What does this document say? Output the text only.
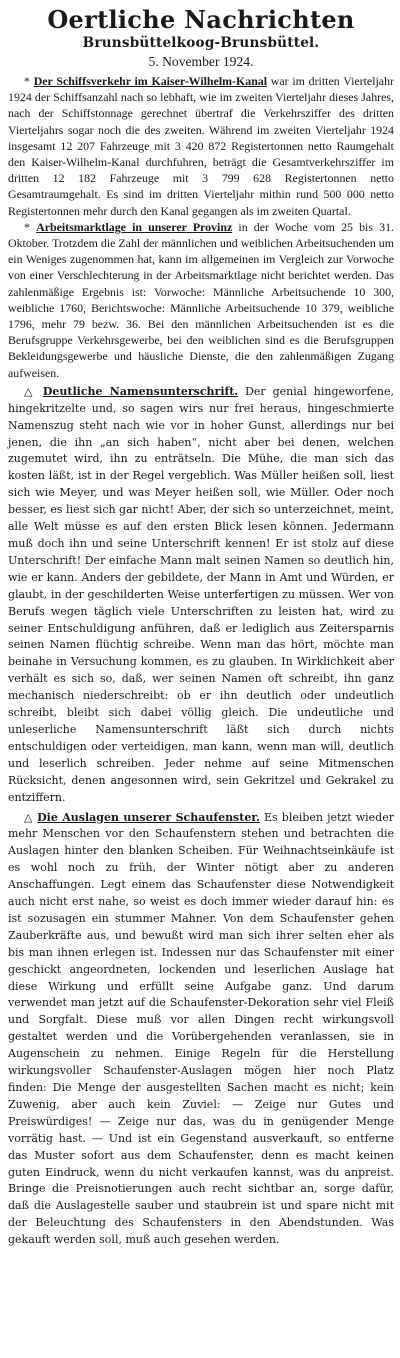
Oertliche Nachrichten
Brunsbüttelkoog-Brunsbüttel.
5. November 1924.

* Der Schiffsverkehr im Kaiser-Wilhelm-Kanal war im dritten Vierteljahr 1924 der Schiffsanzahl nach so lebhaft, wie im zweiten Vierteljahr dieses Jahres, nach der Schiffstonnage gerechnet übertraf die Verkehrsziffer des dritten Vierteljahrs sogar noch die des zweiten. Während im zweiten Vierteljahr 1924 insgesamt 12 207 Fahrzeuge mit 3 420 872 Registertonnen netto Raumgehalt den Kaiser-Wilhelm-Kanal durchfuhren, beträgt die Gesamtverkehrsziffer im dritten 12 182 Fahrzeuge mit 3 799 628 Registertonnen netto Gesamtraumgehalt. Es sind im dritten Vierteljahr mithin rund 500 000 netto Registertonnen mehr durch den Kanal gegangen als im zweiten Quartal.

* Arbeitsmarktlage in unserer Provinz in der Woche vom 25 bis 31. Oktober. Trotzdem die Zahl der männlichen und weiblichen Arbeitsuchenden um ein Weniges zugenommen hat, kann im allgemeinen im Vergleich zur Vorwoche von einer Verschlechterung in der Arbeitsmarktlage nicht berichtet werden. Das zahlenmäßige Ergebnis ist: Vorwoche: Männliche Arbeitsuchende 10 300, weibliche 1760, Berichtswoche: Männliche Arbeitsuchende 10 379, weibliche 1796, mehr 79 bezw. 36. Bei den männlichen Arbeitsuchenden ist es die Berufsgruppe Verkehrsgewerbe, bei den weiblichen sind es die Berufsgruppen Bekleidungsgewerbe und häusliche Dienste, die den zahlenmäßigen Zugang aufweisen.

△ Deutliche Namensunterschrift. Der genial hingeworfene, hingekritzelte und, so sagen wirs nur frei heraus, hingeschmierte Namenszug steht nach wie vor in hoher Gunst, allerdings nur bei jenen, die ihn „an sich haben“, nicht aber bei denen, welchen zugemutet wird, ihn zu enträtseln. Die Mühe, die man sich das kosten läßt, ist in der Regel vergeblich. Was Müller heißen soll, liest sich wie Meyer, und was Meyer heißen soll, wie Müller. Oder noch besser, es liest sich gar nicht! Aber, der sich so unterzeichnet, meint, alle Welt müsse es auf den ersten Blick lesen können. Jedermann muß doch ihn und seine Unterschrift kennen! Er ist stolz auf diese Unterschrift! Der einfache Mann malt seinen Namen so deutlich hin, wie er kann. Anders der gebildete, der Mann in Amt und Würden, er glaubt, in der geschilderten Weise unterfertigen zu müssen. Wer von Berufs wegen täglich viele Unterschriften zu leisten hat, wird zu seiner Entschuldigung anführen, daß er lediglich aus Zeitersparnis seinen Namen flüchtig schreibe. Wenn man das hört, möchte man beinahe in Versuchung kommen, es zu glauben. In Wirklichkeit aber verhält es sich so, daß, wer seinen Namen oft schreibt, ihn ganz mechanisch niederschreibt: ob er ihn deutlich oder undeutlich schreibt, bleibt sich dabei völlig gleich. Die undeutliche und unleserliche Namensunterschrift läßt sich durch nichts entschuldigen oder verteidigen, man kann, wenn man will, deutlich und leserlich schreiben. Jeder nehme auf seine Mitmenschen Rücksicht, denen angesonnen wird, sein Gekritzel und Gekrakel zu entziffern.

△ Die Auslagen unserer Schaufenster. Es bleiben jetzt wieder mehr Menschen vor den Schaufenstern stehen und betrachten die Auslagen hinter den blanken Scheiben. Für Weihnachtseinkäufe ist es wohl noch zu früh, der Winter nötigt aber zu anderen Anschaffungen. Legt einem das Schaufenster diese Notwendigkeit auch nicht erst nahe, so weist es doch immer wieder darauf hin: es ist sozusagen ein stummer Mahner. Von dem Schaufenster gehen Zauberkräfte aus, und bewußt wird man sich ihrer selten eher als bis man ihnen erlegen ist. Indessen nur das Schaufenster mit einer geschickt angeordneten, lockenden und leserlichen Auslage hat diese Wirkung und erfüllt seine Aufgabe ganz. Und darum verwendet man jetzt auf die Schaufenster-Dekoration sehr viel Fleiß und Sorgfalt. Diese muß vor allen Dingen recht wirkungsvoll gestaltet werden und die Vorübergehenden veranlassen, sie in Augenschein zu nehmen. Einige Regeln für die Herstellung wirkungsvoller Schaufenster-Auslagen mögen hier noch Platz finden: Die Menge der ausgestellten Sachen macht es nicht; kein Zuwenig, aber auch kein Zuviel: — Zeige nur Gutes und Preiswürdiges! — Zeige nur das, was du in genügender Menge vorrätig hast. — Und ist ein Gegenstand ausverkauft, so entferne das Muster sofort aus dem Schaufenster, denn es macht keinen guten Eindruck, wenn du nicht verkaufen kannst, was du anpreist. Bringe die Preisnotierungen auch recht sichtbar an, sorge dafür, daß die Auslagestelle sauber und staubrein ist und spare nicht mit der Beleuchtung des Schaufensters in den Abendstunden. Was gekauft werden soll, muß auch gesehen werden.
